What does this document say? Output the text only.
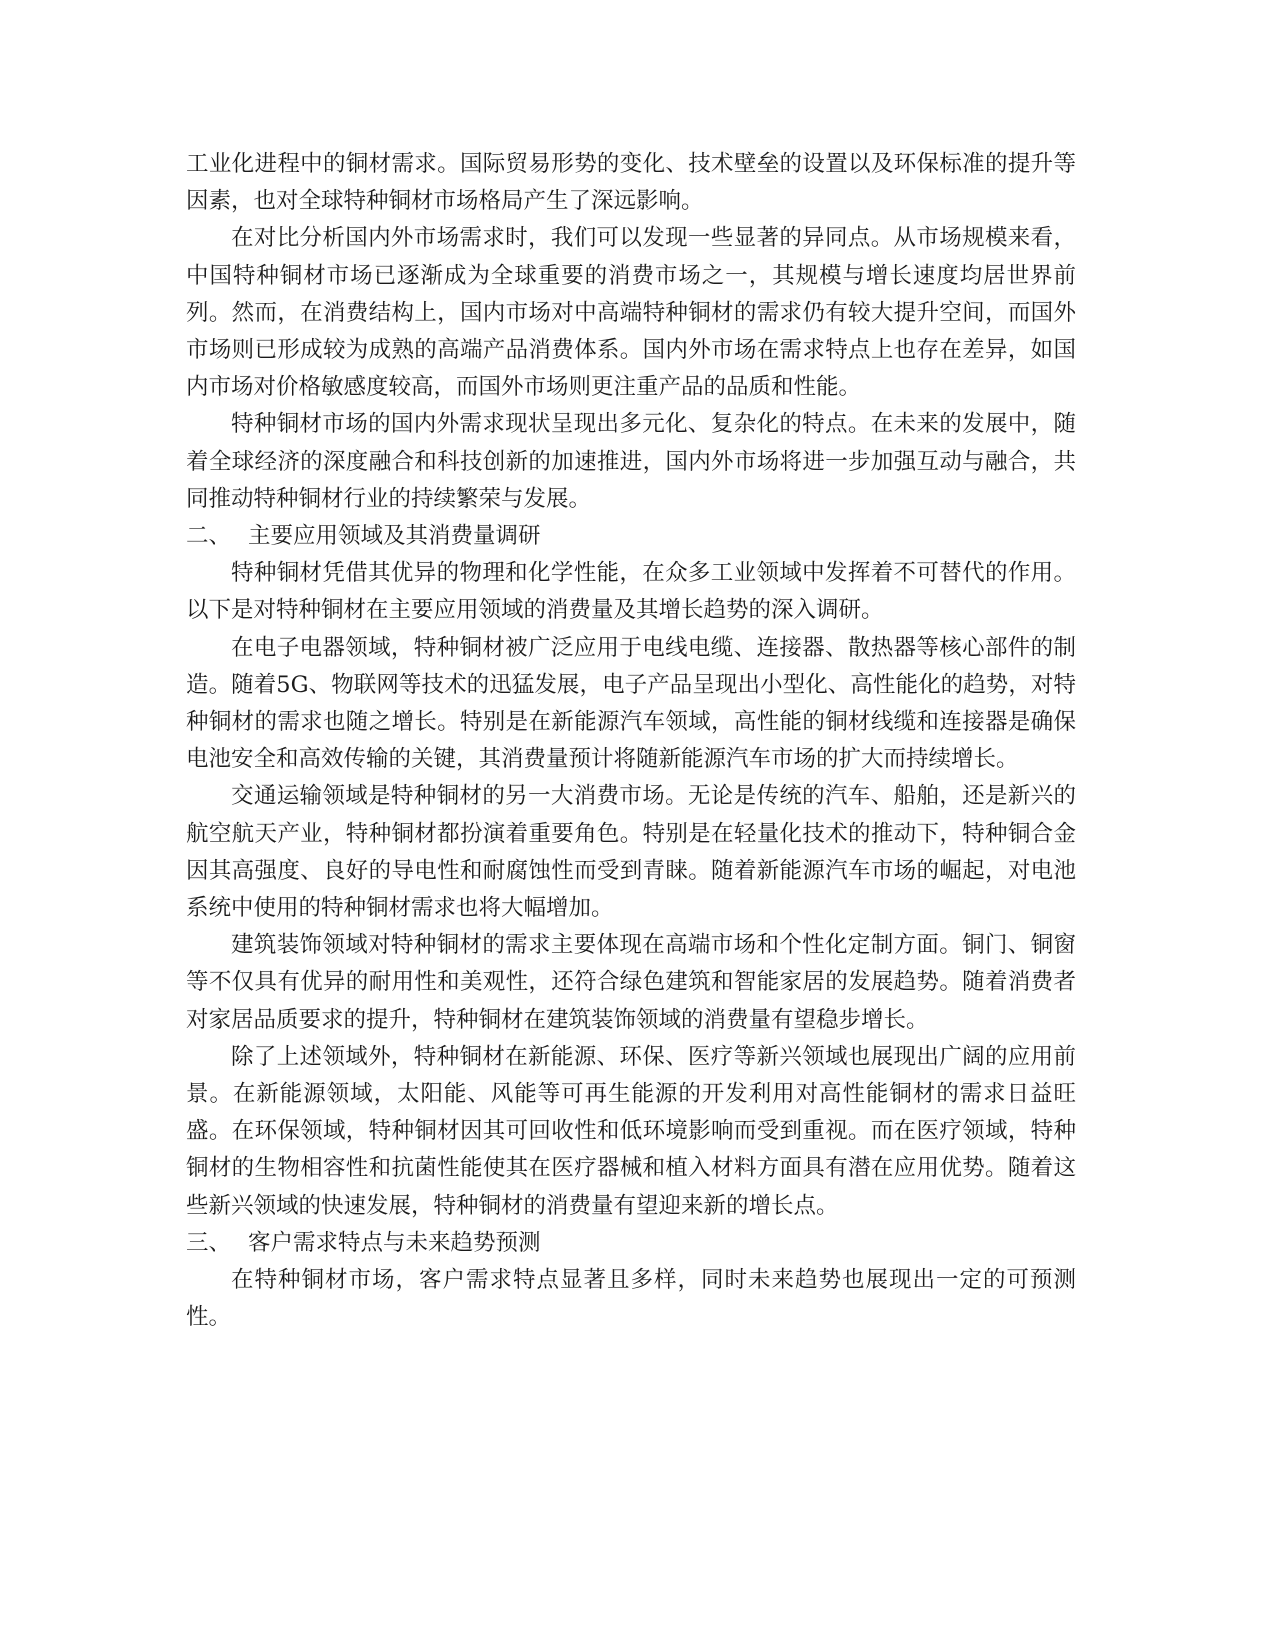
工业化进程中的铜材需求。国际贸易形势的变化、技术壁垒的设置以及环保标准的提升等因素，也对全球特种铜材市场格局产生了深远影响。

在对比分析国内外市场需求时，我们可以发现一些显著的异同点。从市场规模来看，中国特种铜材市场已逐渐成为全球重要的消费市场之一，其规模与增长速度均居世界前列。然而，在消费结构上，国内市场对中高端特种铜材的需求仍有较大提升空间，而国外市场则已形成较为成熟的高端产品消费体系。国内外市场在需求特点上也存在差异，如国内市场对价格敏感度较高，而国外市场则更注重产品的品质和性能。

特种铜材市场的国内外需求现状呈现出多元化、复杂化的特点。在未来的发展中，随着全球经济的深度融合和科技创新的加速推进，国内外市场将进一步加强互动与融合，共同推动特种铜材行业的持续繁荣与发展。

二、 主要应用领域及其消费量调研

特种铜材凭借其优异的物理和化学性能，在众多工业领域中发挥着不可替代的作用。以下是对特种铜材在主要应用领域的消费量及其增长趋势的深入调研。

在电子电器领域，特种铜材被广泛应用于电线电缆、连接器、散热器等核心部件的制造。随着5G、物联网等技术的迅猛发展，电子产品呈现出小型化、高性能化的趋势，对特种铜材的需求也随之增长。特别是在新能源汽车领域，高性能的铜材线缆和连接器是确保电池安全和高效传输的关键，其消费量预计将随新能源汽车市场的扩大而持续增长。

交通运输领域是特种铜材的另一大消费市场。无论是传统的汽车、船舶，还是新兴的航空航天产业，特种铜材都扮演着重要角色。特别是在轻量化技术的推动下，特种铜合金因其高强度、良好的导电性和耐腐蚀性而受到青睐。随着新能源汽车市场的崛起，对电池系统中使用的特种铜材需求也将大幅增加。

建筑装饰领域对特种铜材的需求主要体现在高端市场和个性化定制方面。铜门、铜窗等不仅具有优异的耐用性和美观性，还符合绿色建筑和智能家居的发展趋势。随着消费者对家居品质要求的提升，特种铜材在建筑装饰领域的消费量有望稳步增长。

除了上述领域外，特种铜材在新能源、环保、医疗等新兴领域也展现出广阔的应用前景。在新能源领域，太阳能、风能等可再生能源的开发利用对高性能铜材的需求日益旺盛。在环保领域，特种铜材因其可回收性和低环境影响而受到重视。而在医疗领域，特种铜材的生物相容性和抗菌性能使其在医疗器械和植入材料方面具有潜在应用优势。随着这些新兴领域的快速发展，特种铜材的消费量有望迎来新的增长点。

三、 客户需求特点与未来趋势预测

在特种铜材市场，客户需求特点显著且多样，同时未来趋势也展现出一定的可预测性。
